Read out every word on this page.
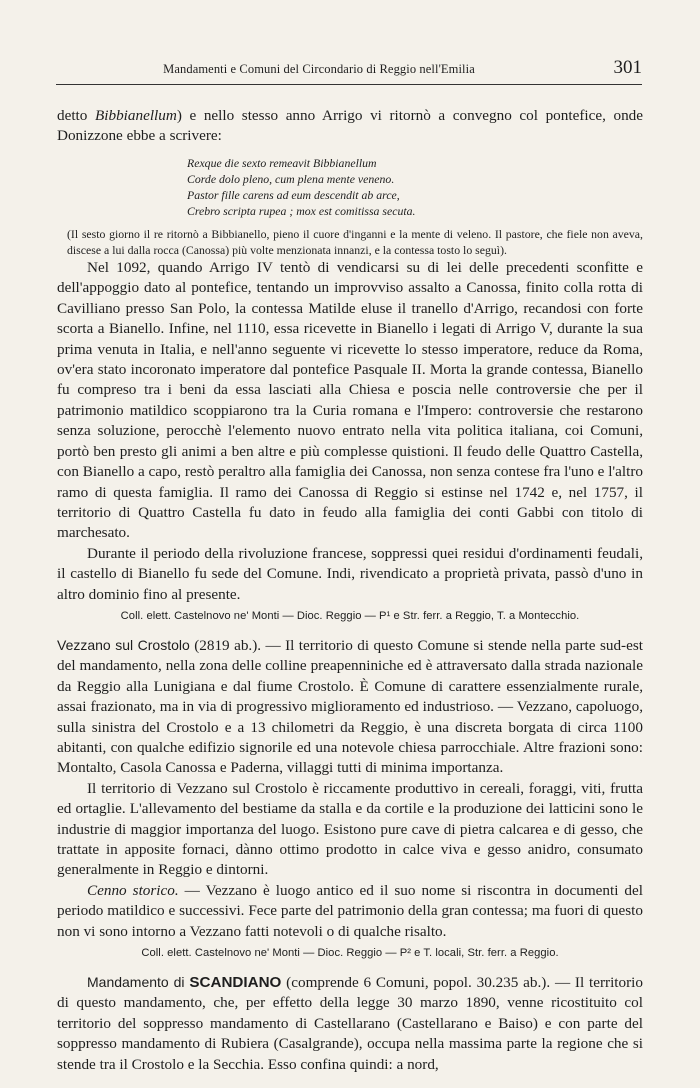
Mandamenti e Comuni del Circondario di Reggio nell'Emilia	301

detto Bibbianellum) e nello stesso anno Arrigo vi ritornò a convegno col pontefice, onde Donizzone ebbe a scrivere:

Rexque die sexto remeavit Bibbianellum
Corde dolo pleno, cum plena mente veneno.
Pastor fille carens ad eum descendit ab arce,
Crebro scripta rupea ; mox est comitissa secuta.

(Il sesto giorno il re ritornò a Bibbianello, pieno il cuore d'inganni e la mente di veleno. Il pastore, che fiele non aveva, discese a lui dalla rocca (Canossa) più volte menzionata innanzi, e la contessa tosto lo seguì).

Nel 1092, quando Arrigo IV tentò di vendicarsi su di lei delle precedenti sconfitte e dell'appoggio dato al pontefice, tentando un improvviso assalto a Canossa, finito colla rotta di Cavilliano presso San Polo, la contessa Matilde eluse il tranello d'Arrigo, recandosi con forte scorta a Bianello. Infine, nel 1110, essa ricevette in Bianello i legati di Arrigo V, durante la sua prima venuta in Italia, e nell'anno seguente vi ricevette lo stesso imperatore, reduce da Roma, ov'era stato incoronato imperatore dal pontefice Pasquale II. Morta la grande contessa, Bianello fu compreso tra i beni da essa lasciati alla Chiesa e poscia nelle controversie che per il patrimonio matildico scoppiarono tra la Curia romana e l'Impero: controversie che restarono senza soluzione, perocchè l'elemento nuovo entrato nella vita politica italiana, coi Comuni, portò ben presto gli animi a ben altre e più complesse quistioni. Il feudo delle Quattro Castella, con Bianello a capo, restò peraltro alla famiglia dei Canossa, non senza contese fra l'uno e l'altro ramo di questa famiglia. Il ramo dei Canossa di Reggio si estinse nel 1742 e, nel 1757, il territorio di Quattro Castella fu dato in feudo alla famiglia dei conti Gabbi con titolo di marchesato.

Durante il periodo della rivoluzione francese, soppressi quei residui d'ordinamenti feudali, il castello di Bianello fu sede del Comune. Indi, rivendicato a proprietà privata, passò d'uno in altro dominio fino al presente.

Coll. elett. Castelnovo ne' Monti — Dioc. Reggio — P¹ e Str. ferr. a Reggio, T. a Montecchio.

Vezzano sul Crostolo (2819 ab.). — Il territorio di questo Comune si stende nella parte sud-est del mandamento, nella zona delle colline preapenniniche ed è attraversato dalla strada nazionale da Reggio alla Lunigiana e dal fiume Crostolo. È Comune di carattere essenzialmente rurale, assai frazionato, ma in via di progressivo miglioramento ed industrioso. — Vezzano, capoluogo, sulla sinistra del Crostolo e a 13 chilometri da Reggio, è una discreta borgata di circa 1100 abitanti, con qualche edifizio signorile ed una notevole chiesa parrocchiale. Altre frazioni sono: Montalto, Casola Canossa e Paderna, villaggi tutti di minima importanza.

Il territorio di Vezzano sul Crostolo è riccamente produttivo in cereali, foraggi, viti, frutta ed ortaglie. L'allevamento del bestiame da stalla e da cortile e la produzione dei latticini sono le industrie di maggior importanza del luogo. Esistono pure cave di pietra calcarea e di gesso, che trattate in apposite fornaci, dànno ottimo prodotto in calce viva e gesso anidro, consumato generalmente in Reggio e dintorni.

Cenno storico. — Vezzano è luogo antico ed il suo nome si riscontra in documenti del periodo matildico e successivi. Fece parte del patrimonio della gran contessa; ma fuori di questo non vi sono intorno a Vezzano fatti notevoli o di qualche risalto.

Coll. elett. Castelnovo ne' Monti — Dioc. Reggio — P² e T. locali, Str. ferr. a Reggio.

Mandamento di SCANDIANO (comprende 6 Comuni, popol. 30.235 ab.). — Il territorio di questo mandamento, che, per effetto della legge 30 marzo 1890, venne ricostituito col territorio del soppresso mandamento di Castellarano (Castellarano e Baiso) e con parte del soppresso mandamento di Rubiera (Casalgrande), occupa nella massima parte la regione che si stende tra il Crostolo e la Secchia. Esso confina quindi: a nord,
